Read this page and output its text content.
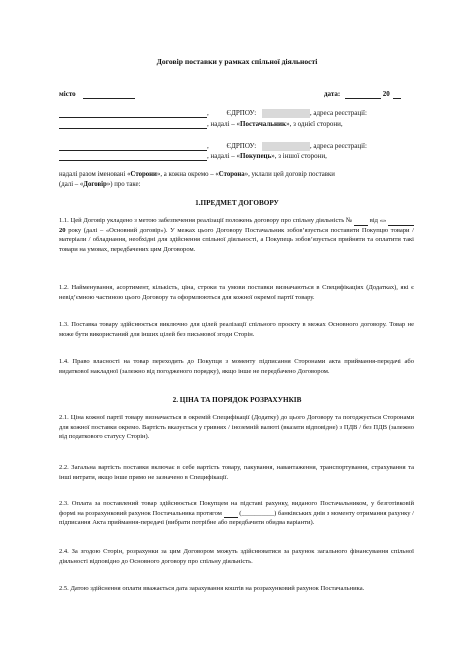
Договір поставки у рамках спільної діяльності
місто	дата:	20
, ЄДРПОУ:	, адреса реєстрації:
, надалі – «Постачальник», з однієї сторони,
, ЄДРПОУ:	, адреса реєстрації:
, надалі – «Покупець», з іншої сторони,
надалі разом іменовані «Сторони», а кожна окремо – «Сторона», уклали цей договір поставки
(далі – «Договір») про таке:
1.ПРЕДМЕТ ДОГОВОРУ
1.1. Цей Договір укладено з метою забезпечення реалізації положень договору про спільну діяльність №	від «»  20 року (далі – «Основний договір»). У межах цього Договору Постачальник зобов’язується поставити Покупцю товари / матеріали / обладнання, необхідні для здійснення спільної діяльності, а Покупець зобов’язується прийняти та оплатити такі товари на умовах, передбачених цим Договором.
1.2. Найменування, асортимент, кількість, ціна, строки та умови поставки визначаються в Специфікаціях (Додатках), які є невід’ємною частиною цього Договору та оформлюються для кожної окремої партії товару.
1.3. Поставка товару здійснюється виключно для цілей реалізації спільного проєкту в межах Основного договору. Товар не може бути використаний для інших цілей без письмової згоди Сторін.
1.4. Право власності на товар переходить до Покупця з моменту підписання Сторонами акта приймання-передачі або видаткової накладної (залежно від погодженого порядку), якщо інше не передбачено Договором.
2. ЦІНА ТА ПОРЯДОК РОЗРАХУНКІВ
2.1. Ціна кожної партії товару визначається в окремій Специфікації (Додатку) до цього Договору та погоджується Сторонами для кожної поставки окремо. Вартість вказується у гривнях / іноземній валюті (вказати відповідне) з ПДВ / без ПДВ (залежно від податкового статусу Сторін).
2.2. Загальна вартість поставки включає в себе вартість товару, пакування, навантаження, транспортування, страхування та інші витрати, якщо інше прямо не зазначено в Специфікації.
2.3. Оплата за поставлений товар здійснюється Покупцем на підставі рахунку, виданого Постачальником, у безготівковій формі на розрахунковий рахунок Постачальника протягом	(__________) банківських днів з моменту отримання рахунку / підписання Акта приймання-передачі (вибрати потрібне або передбачити обидва варіанти).
2.4. За згодою Сторін, розрахунки за цим Договором можуть здійснюватися за рахунок загального фінансування спільної діяльності відповідно до Основного договору про спільну діяльність.
2.5. Датою здійснення оплати вважається дата зарахування коштів на розрахунковий рахунок Постачальника.
